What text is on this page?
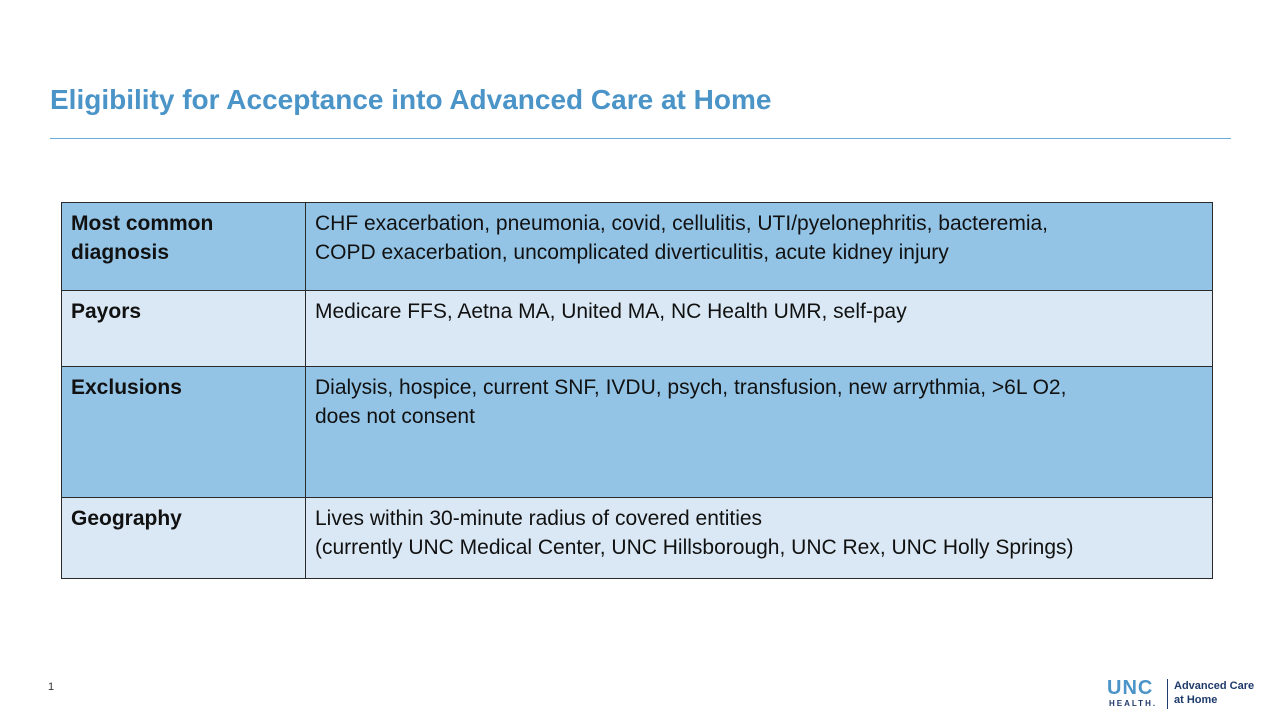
Eligibility for Acceptance into Advanced Care at Home
Most common
diagnosis	CHF exacerbation, pneumonia, covid, cellulitis, UTI/pyelonephritis, bacteremia,
COPD exacerbation, uncomplicated diverticulitis, acute kidney injury

Payors	Medicare FFS, Aetna MA, United MA, NC Health UMR, self-pay

Exclusions	Dialysis, hospice, current SNF, IVDU, psych, transfusion, new arrythmia, >6L O2,
does not consent

Geography	Lives within 30-minute radius of covered entities
(currently UNC Medical Center, UNC Hillsborough, UNC Rex, UNC Holly Springs)
1	UNC
HEALTH.
Advanced Care
at Home
